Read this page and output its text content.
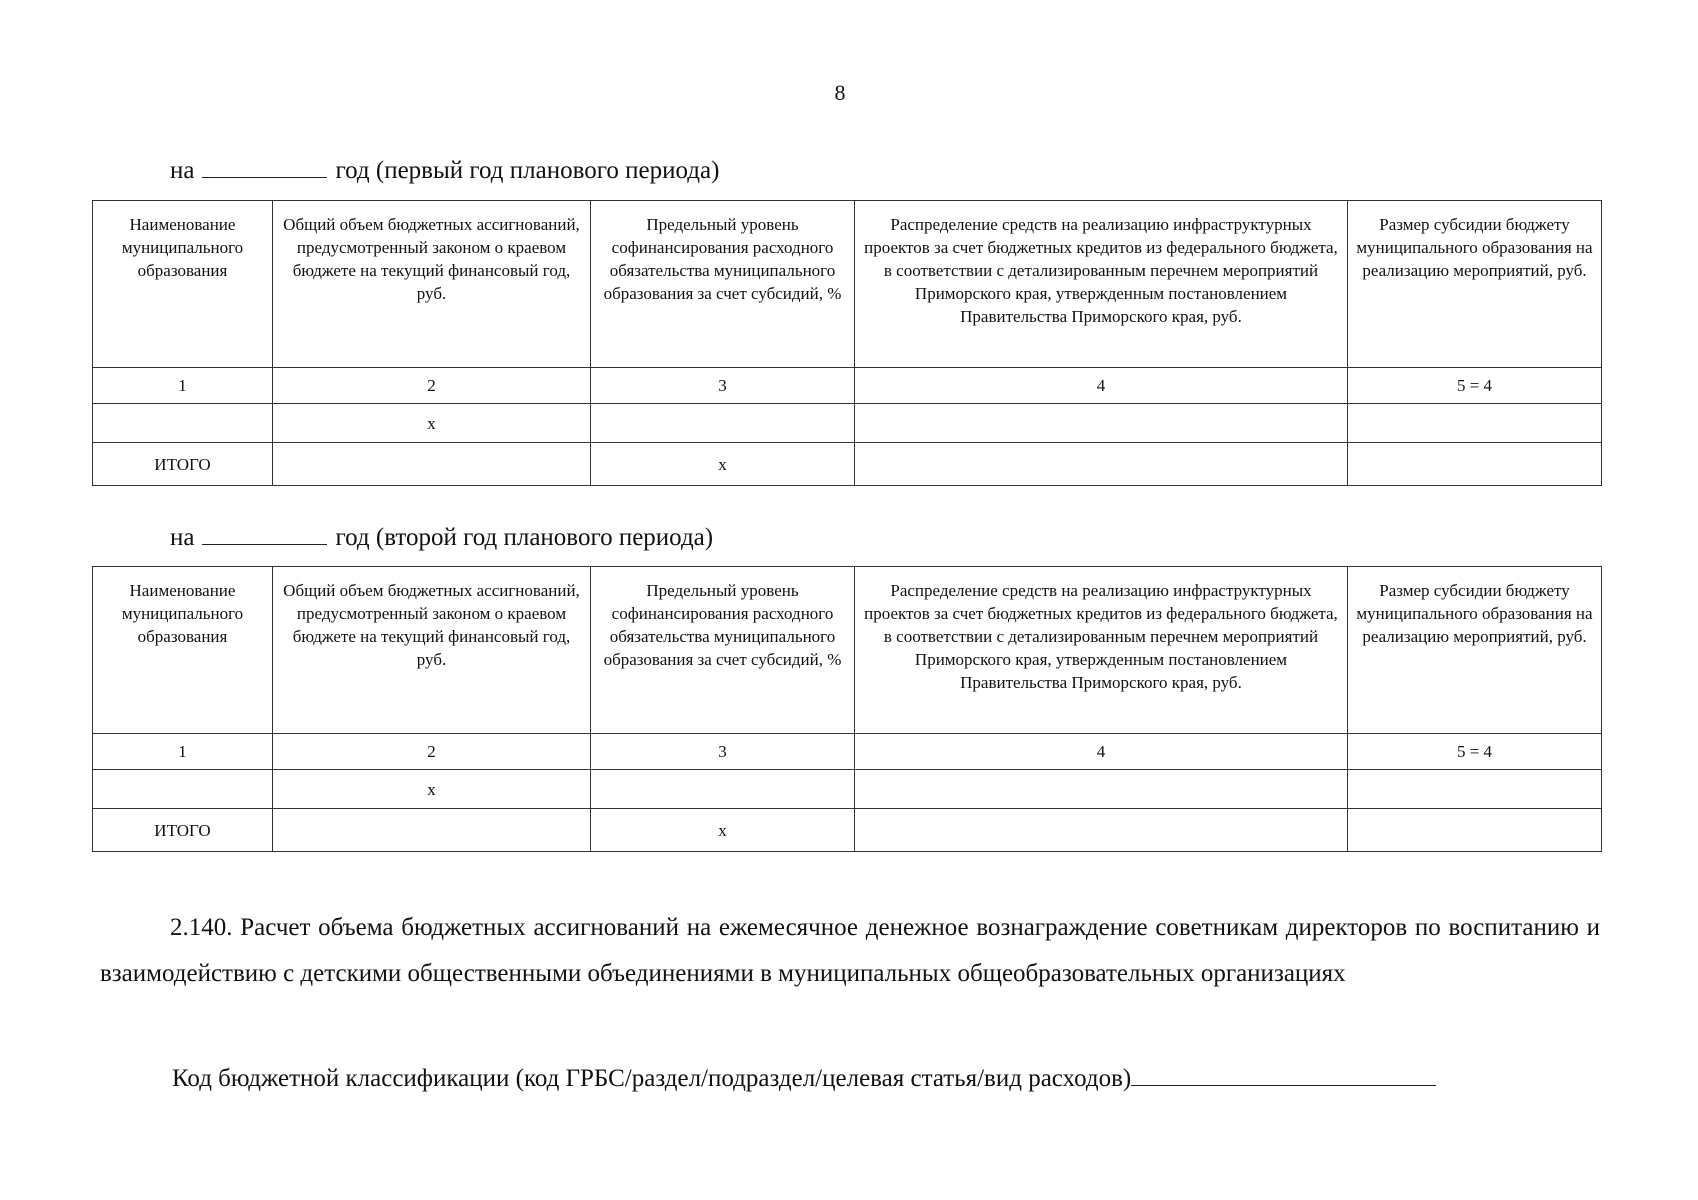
8
на	год (первый год планового периода)
Наименование муниципального образования	Общий объем бюджетных ассигнований, предусмотренный законом о краевом бюджете на текущий финансовый год, руб.	Предельный уровень софинансирования расходного обязательства муниципального образования за счет субсидий, %	Распределение средств на реализацию инфраструктурных проектов за счет бюджетных кредитов из федерального бюджета, в соответствии с детализированным перечнем мероприятий Приморского края, утвержденным постановлением Правительства Приморского края, руб.	Размер субсидии бюджету муниципального образования на реализацию мероприятий, руб.
1	2	3	4	5 = 4
	x			
ИТОГО		x		
на	год (второй год планового периода)
Наименование муниципального образования	Общий объем бюджетных ассигнований, предусмотренный законом о краевом бюджете на текущий финансовый год, руб.	Предельный уровень софинансирования расходного обязательства муниципального образования за счет субсидий, %	Распределение средств на реализацию инфраструктурных проектов за счет бюджетных кредитов из федерального бюджета, в соответствии с детализированным перечнем мероприятий Приморского края, утвержденным постановлением Правительства Приморского края, руб.	Размер субсидии бюджету муниципального образования на реализацию мероприятий, руб.
1	2	3	4	5 = 4
	x			
ИТОГО		x		
2.140. Расчет объема бюджетных ассигнований на ежемесячное денежное вознаграждение советникам директоров по воспитанию и взаимодействию с детскими общественными объединениями в муниципальных общеобразовательных организациях
Код бюджетной классификации (код ГРБС/раздел/подраздел/целевая статья/вид расходов)
